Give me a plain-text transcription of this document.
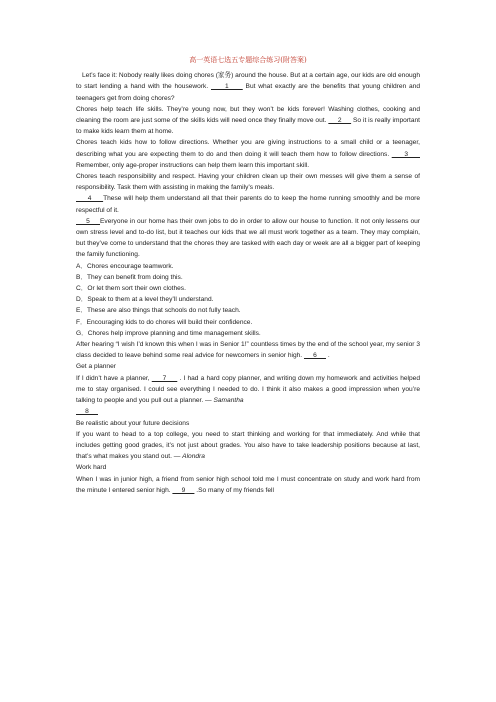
高一英语七选五专题综合练习(附答案)

Let’s face it: Nobody really likes doing chores (家务) around the house. But at a certain age, our kids are old enough to start lending a hand with the housework.      1      But what exactly are the benefits that young children and teenagers get from doing chores?

Chores help teach life skills. They’re young now, but they won’t be kids forever! Washing clothes, cooking and cleaning the room are just some of the skills kids will need once they finally move out.      2      So it is really important to make kids learn them at home.

Chores teach kids how to follow directions. Whether you are giving instructions to a small child or a teenager, describing what you are expecting them to do and then doing it will teach them how to follow directions.      3      Remember, only age-proper instructions can help them learn this important skill.

Chores teach responsibility and respect. Having your children clean up their own messes will give them a sense of responsibility. Task them with assisting in making the family’s meals.
4     These will help them understand all that their parents do to keep the home running smoothly and be more respectful of it.

5     Everyone in our home has their own jobs to do in order to allow our house to function. It not only lessens our own stress level and to-do list, but it teaches our kids that we all must work together as a team. They may complain, but they’ve come to understand that the chores they are tasked with each day or week are all a bigger part of keeping the family functioning.

A．Chores encourage teamwork.

B．They can benefit from doing this.

C．Or let them sort their own clothes.

D．Speak to them at a level they’ll understand.

E．These are also things that schools do not fully teach.

F．Encouraging kids to do chores will build their confidence.

G．Chores help improve planning and time management skills.

After hearing “I wish I’d known this when I was in Senior 1!” countless times by the end of the school year, my senior 3 class decided to leave behind some real advice for newcomers in senior high.      6      .

Get a planner

If I didn’t have a planner,      7      . I had a hard copy planner, and writing down my homework and activities helped me to stay organised. I could see everything I needed to do. I think it also makes a good impression when you’re talking to people and you pull out a planner. — Samantha
8

Be realistic about your future decisions

If you want to head to a top college, you need to start thinking and working for that immediately. And while that includes getting good grades, it’s not just about grades. You also have to take leadership positions because at last, that’s what makes you stand out. — Alondra

Work hard

When I was in junior high, a friend from senior high school told me I must concentrate on study and work hard from the minute I entered senior high.      9      .So many of my friends fell
